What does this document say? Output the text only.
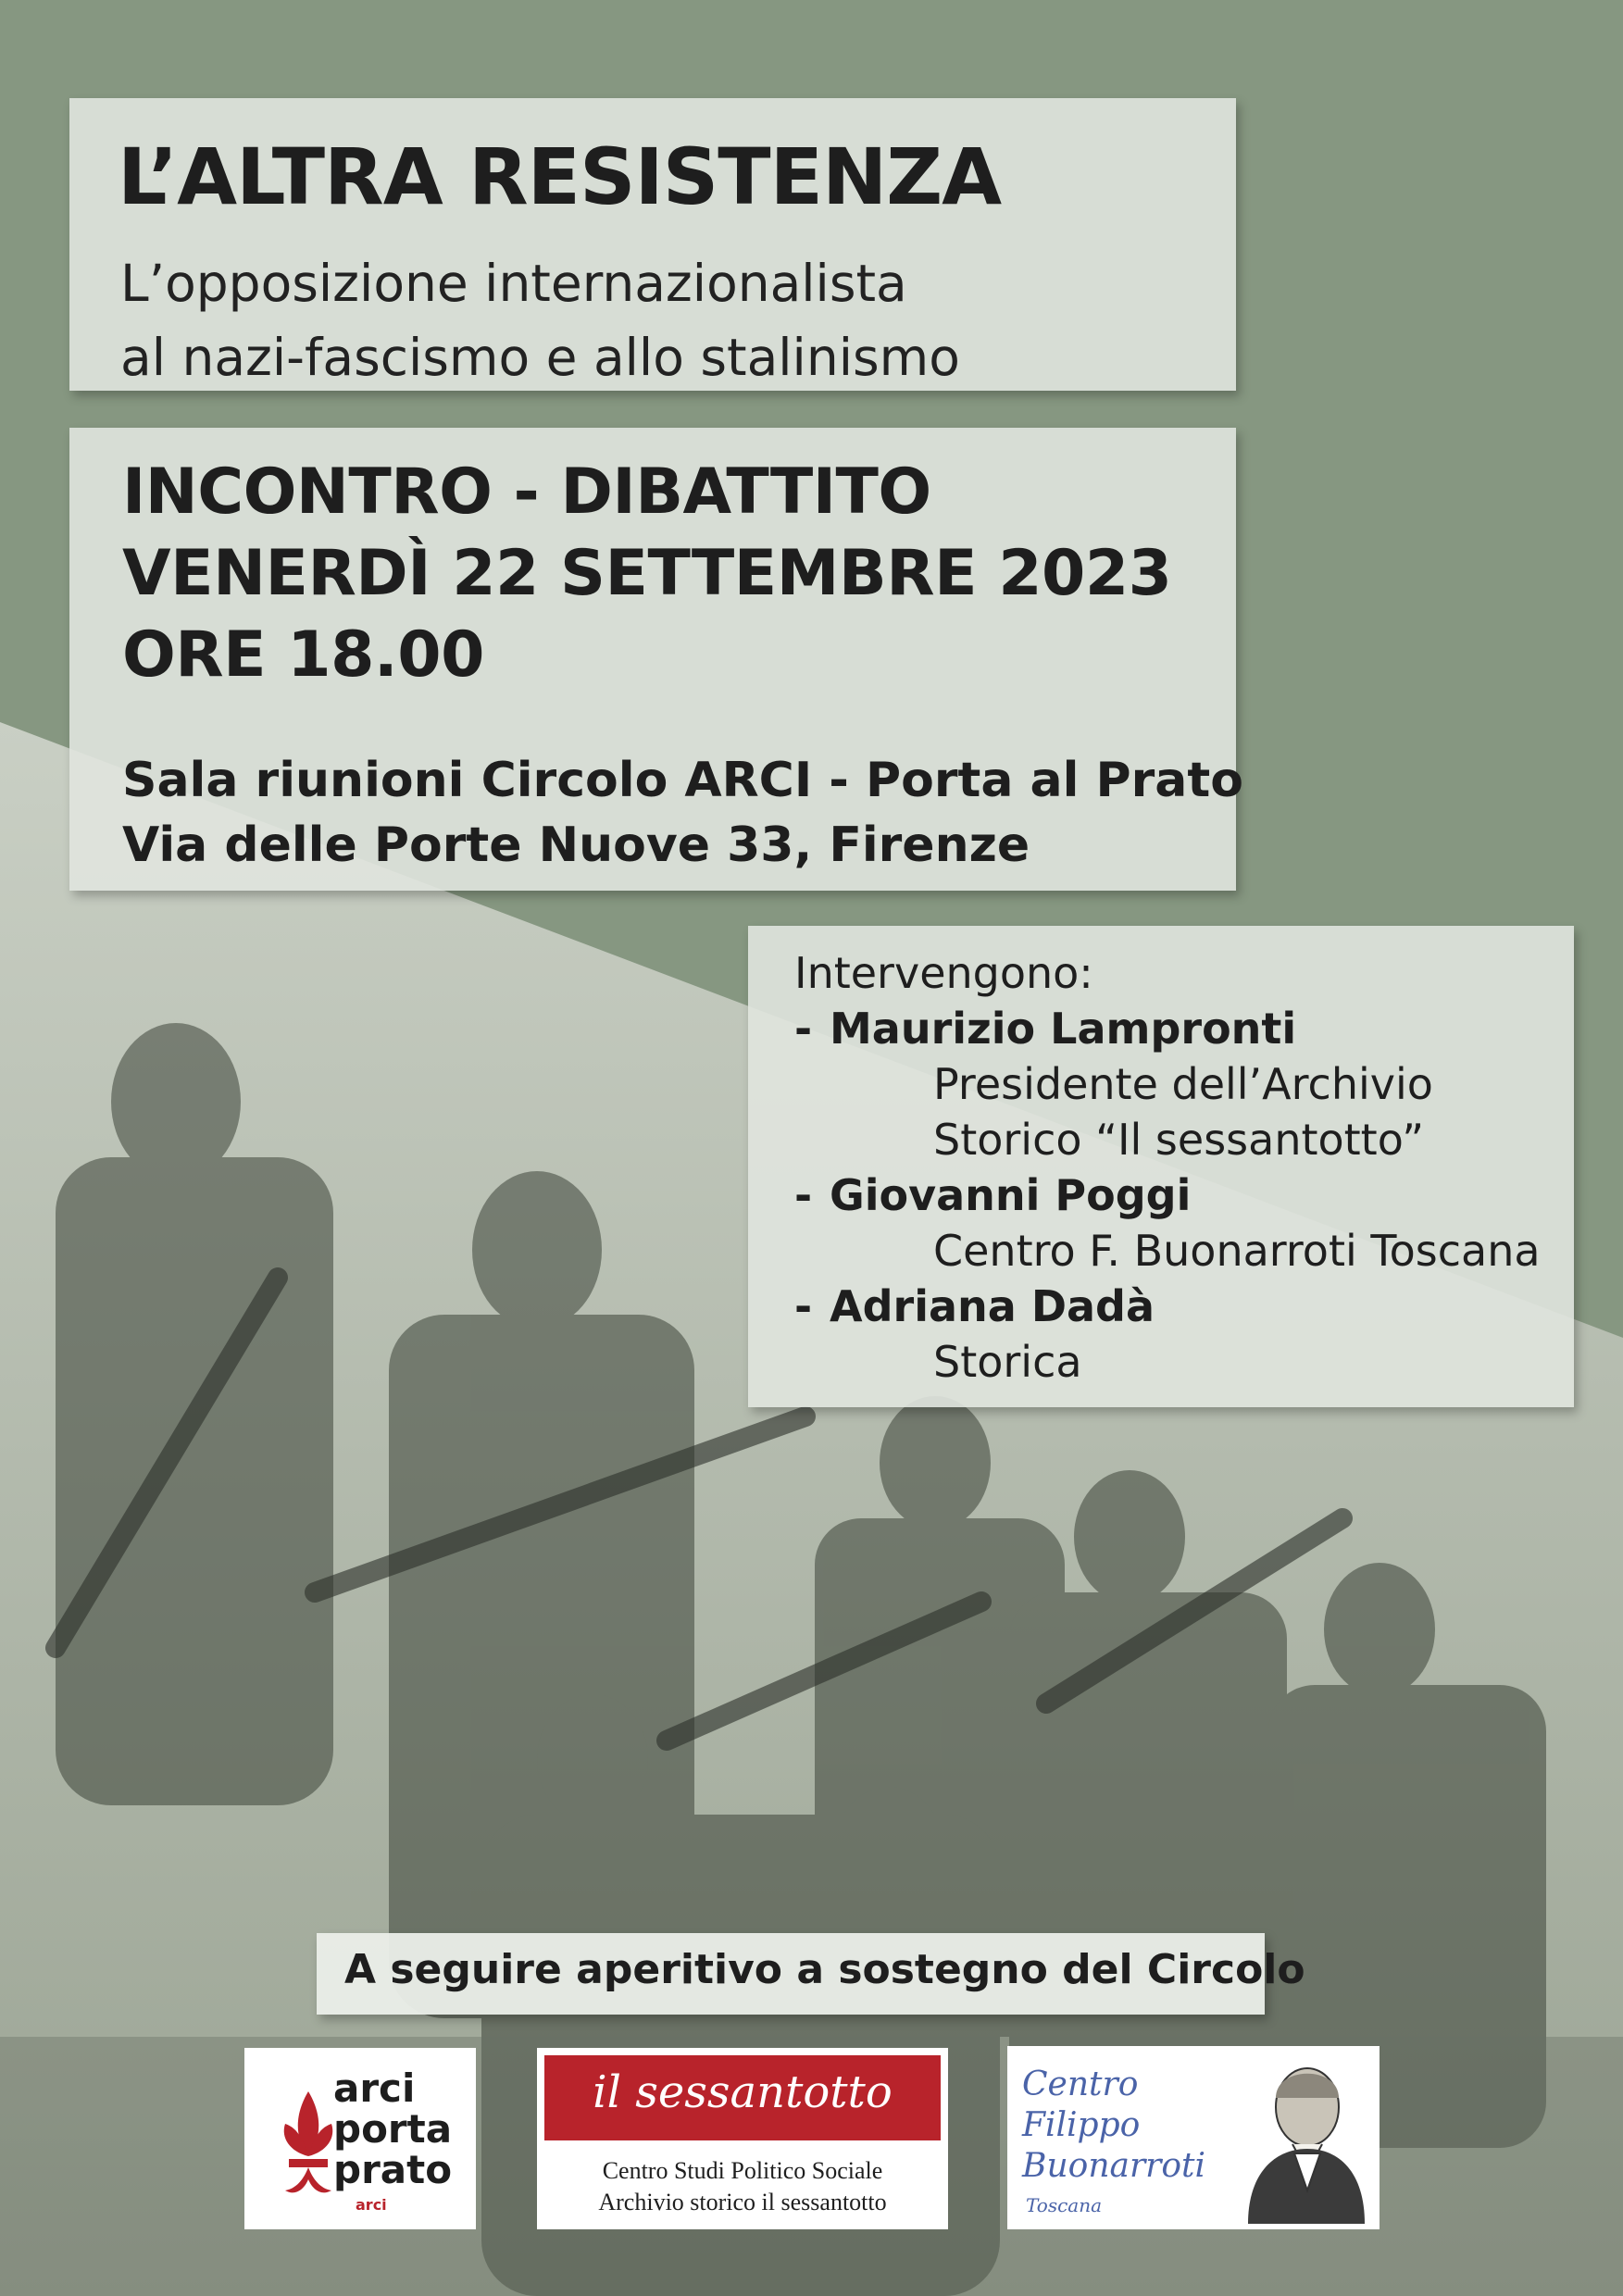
L’ALTRA RESISTENZA
L’opposizione internazionalista
al nazi-fascismo e allo stalinismo
INCONTRO - DIBATTITO
VENERDÌ 22 SETTEMBRE 2023
ORE 18.00
Sala riunioni Circolo ARCI - Porta al Prato
Via delle Porte Nuove 33, Firenze
Intervengono:
- Maurizio Lampronti
Presidente dell’Archivio
Storico “Il sessantotto”
- Giovanni Poggi
Centro F. Buonarroti Toscana
- Adriana Dadà
Storica
A seguire aperitivo a sostegno del Circolo
arci
porta
prato
arci
il sessantotto
Centro Studi Politico Sociale
Archivio storico il sessantotto
Centro
Filippo
Buonarroti
Toscana
